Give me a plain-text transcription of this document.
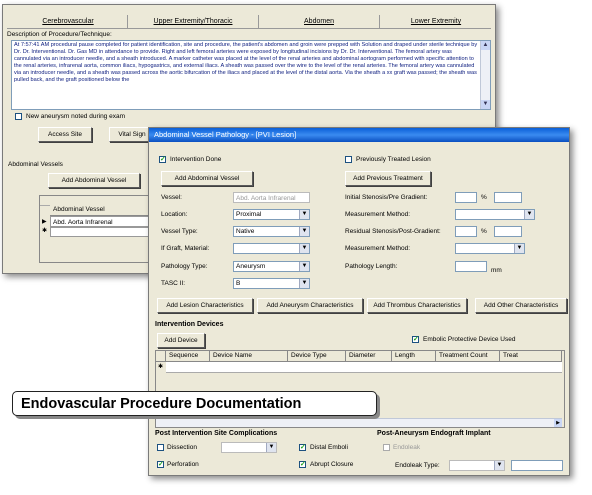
Cerebrovascular	Upper Extremity/Thoracic	Abdomen	Lower Extremity
Description of Procedure/Technique:
At 7:57:41 AM procedural pause completed for patient identification, site and procedure, the patient's abdomen and groin were prepped with Solution and draped under sterile technique by Dr. Dr. Interventional. Dr. Gas MD in attendance to provide. Right and left femoral arteries were exposed by longitudinal incisions by Dr. Dr. Interventional. The femoral artery was cannulated via an introducer needle, and a sheath introduced. A marker catheter was placed at the level of the renal arteries and abdominal aortogram performed with specific attention to the renal arteries, infrarenal aorta, common iliacs, hypogastrics, and external iliacs. A sheath was passed over the wire to the level of the renal arteries. The femoral artery was cannulated via an introducer needle, and a sheath was passed across the aortic bifurcation of the iliacs and placed at the level of the distal aorta. Via the sheath a xx graft was passed; the sheath was pulled back, and the graft positioned below the
▲
▼
New aneurysm noted during exam
Access Site	Vital Sign
Abdominal Vessels
Add Abdominal Vessel
Abdominal Vessel
▶ Abd. Aorta Infrarenal
✱
Abdominal Vessel Pathology - [PVI Lesion]
✓ Intervention Done	Previously Treated Lesion
Add Abdominal Vessel	Add Previous Treatment
Vessel:	Abd. Aorta Infrarenal
Location:	Proximal	▼
Vessel Type:	Native	▼
If Graft, Material:	▼
Pathology Type:	Aneurysm	▼
TASC II:	B	▼
Initial Stenosis/Pre Gradient:	%
Measurement Method:	▼
Residual Stenosis/Post-Gradient:	%
Measurement Method:	▼
Pathology Length:
mm
Add Lesion Characteristics	Add Aneurysm Characteristics	Add Thrombus Characteristics	Add Other Characteristics
Intervention Devices
Add Device	✓ Embolic Protective Device Used
Sequence	Device Name	Device Type	Diameter	Length	Treatment Count	Treat
✱
▶
Post Intervention Site Complications
Dissection	▼	✓ Distal Emboli
✓ Perforation	✓ Abrupt Closure
Post-Aneurysm Endograft Implant
Endoleak
Endoleak Type:	▼
Endovascular Procedure Documentation
